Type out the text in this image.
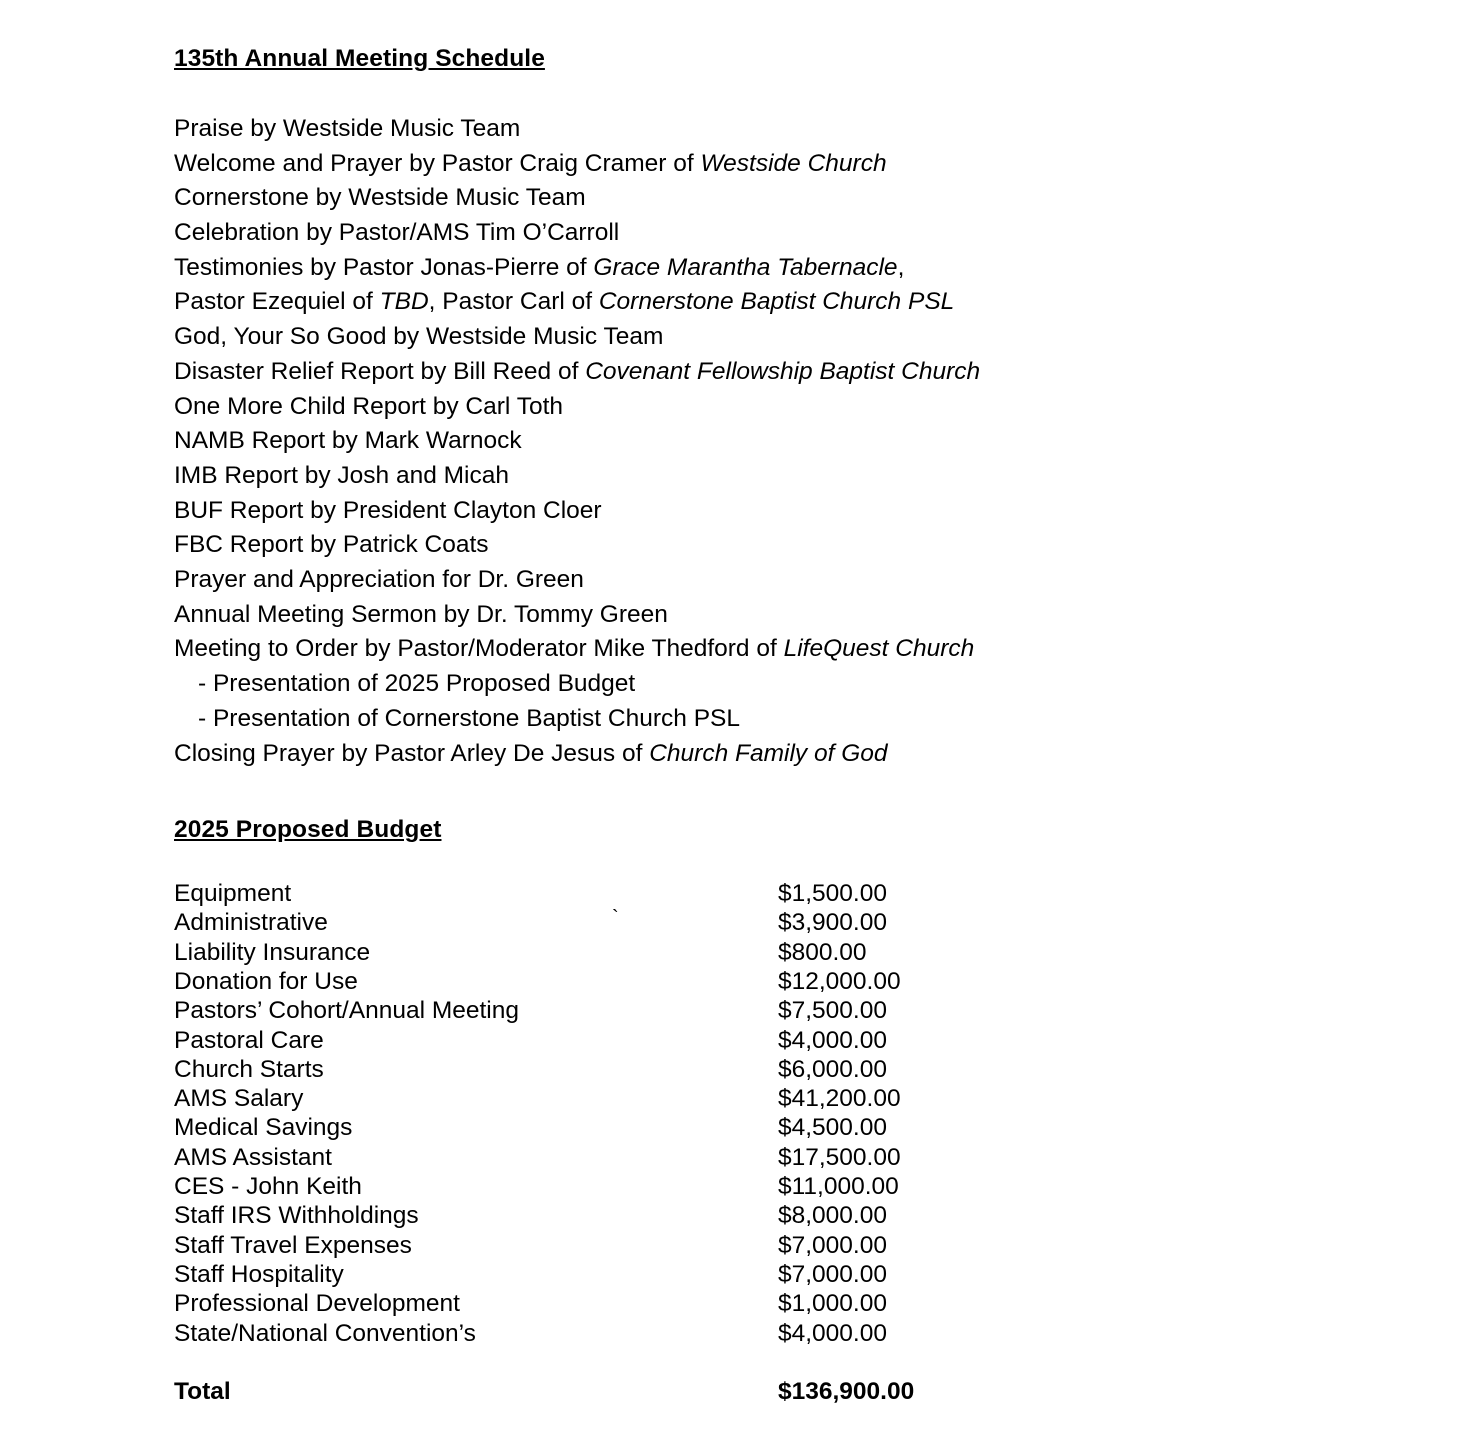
135th Annual Meeting Schedule
Praise by Westside Music Team
Welcome and Prayer by Pastor Craig Cramer of Westside Church
Cornerstone by Westside Music Team
Celebration by Pastor/AMS Tim O’Carroll
Testimonies by Pastor Jonas-Pierre of Grace Marantha Tabernacle,
Pastor Ezequiel of TBD, Pastor Carl of Cornerstone Baptist Church PSL
God, Your So Good by Westside Music Team
Disaster Relief Report by Bill Reed of Covenant Fellowship Baptist Church
One More Child Report by Carl Toth
NAMB Report by Mark Warnock
IMB Report by Josh and Micah
BUF Report by President Clayton Cloer
FBC Report by Patrick Coats
Prayer and Appreciation for Dr. Green
Annual Meeting Sermon by Dr. Tommy Green
Meeting to Order by Pastor/Moderator Mike Thedford of LifeQuest Church
- Presentation of 2025 Proposed Budget
- Presentation of Cornerstone Baptist Church PSL
Closing Prayer by Pastor Arley De Jesus of Church Family of God
2025 Proposed Budget
Equipment	$1,500.00
Administrative `	$3,900.00
Liability Insurance	$800.00
Donation for Use	$12,000.00
Pastors’ Cohort/Annual Meeting	$7,500.00
Pastoral Care	$4,000.00
Church Starts	$6,000.00
AMS Salary	$41,200.00
Medical Savings	$4,500.00
AMS Assistant	$17,500.00
CES - John Keith	$11,000.00
Staff IRS Withholdings	$8,000.00
Staff Travel Expenses	$7,000.00
Staff Hospitality	$7,000.00
Professional Development	$1,000.00
State/National Convention’s	$4,000.00
Total	$136,900.00
